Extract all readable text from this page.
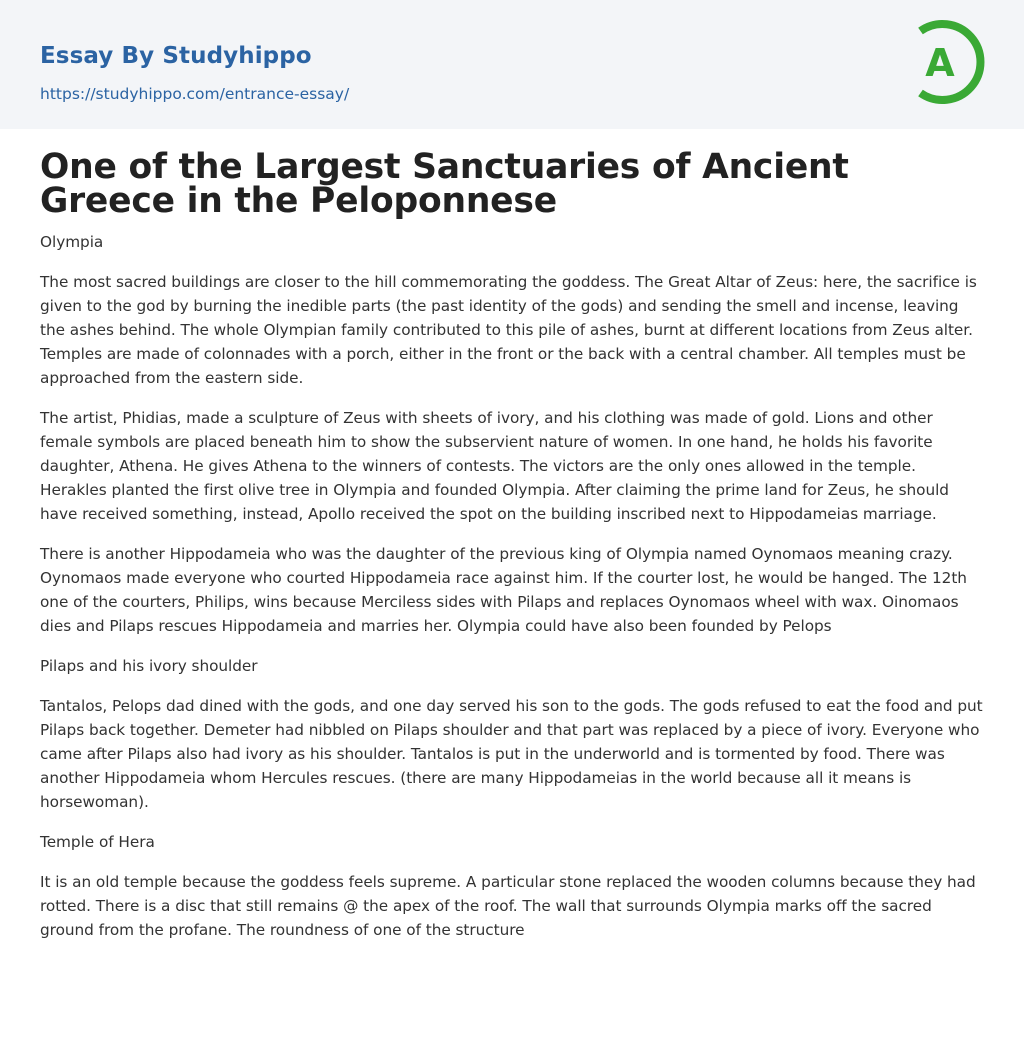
Essay By Studyhippo
https://studyhippo.com/entrance-essay/
A
One of the Largest Sanctuaries of Ancient Greece in the Peloponnese

Olympia

The most sacred buildings are closer to the hill commemorating the goddess. The Great Altar of Zeus: here, the sacrifice is given to the god by burning the inedible parts (the past identity of the gods) and sending the smell and incense, leaving the ashes behind. The whole Olympian family contributed to this pile of ashes, burnt at different locations from Zeus alter. Temples are made of colonnades with a porch, either in the front or the back with a central chamber. All temples must be approached from the eastern side.

The artist, Phidias, made a sculpture of Zeus with sheets of ivory, and his clothing was made of gold. Lions and other female symbols are placed beneath him to show the subservient nature of women. In one hand, he holds his favorite daughter, Athena. He gives Athena to the winners of contests. The victors are the only ones allowed in the temple. Herakles planted the first olive tree in Olympia and founded Olympia. After claiming the prime land for Zeus, he should have received something, instead, Apollo received the spot on the building inscribed next to Hippodameias marriage.

There is another Hippodameia who was the daughter of the previous king of Olympia named Oynomaos meaning crazy. Oynomaos made everyone who courted Hippodameia race against him. If the courter lost, he would be hanged. The 12th one of the courters, Philips, wins because Merciless sides with Pilaps and replaces Oynomaos wheel with wax. Oinomaos dies and Pilaps rescues Hippodameia and marries her. Olympia could have also been founded by Pelops

Pilaps and his ivory shoulder

Tantalos, Pelops dad dined with the gods, and one day served his son to the gods. The gods refused to eat the food and put Pilaps back together. Demeter had nibbled on Pilaps shoulder and that part was replaced by a piece of ivory. Everyone who came after Pilaps also had ivory as his shoulder. Tantalos is put in the underworld and is tormented by food. There was another Hippodameia whom Hercules rescues. (there are many Hippodameias in the world because all it means is horsewoman).

Temple of Hera

It is an old temple because the goddess feels supreme. A particular stone replaced the wooden columns because they had rotted. There is a disc that still remains @ the apex of the roof. The wall that surrounds Olympia marks off the sacred ground from the profane. The roundness of one of the structure
